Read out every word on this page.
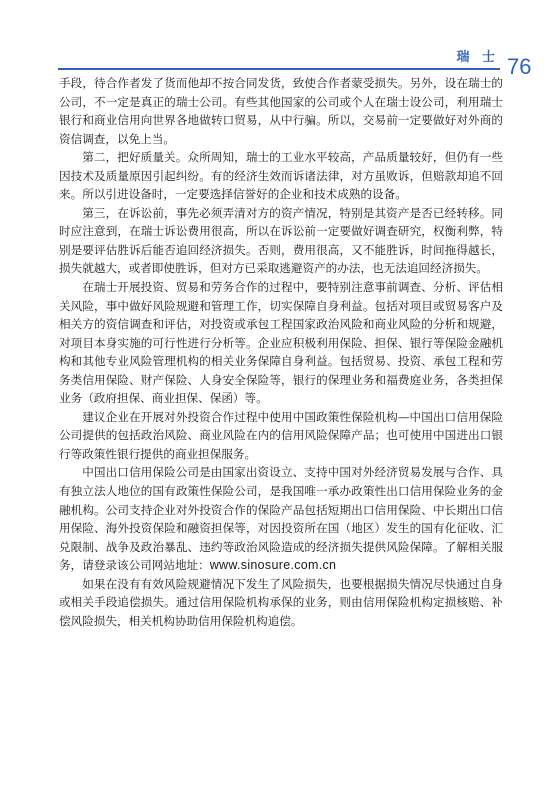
瑞 士 76

手段，待合作者发了货而他却不按合同发货，致使合作者蒙受损失。另外，设在瑞士的公司，不一定是真正的瑞士公司。有些其他国家的公司或个人在瑞士设公司，利用瑞士银行和商业信用向世界各地做转口贸易，从中行骗。所以，交易前一定要做好对外商的资信调查，以免上当。

第二，把好质量关。众所周知，瑞士的工业水平较高，产品质量较好，但仍有一些因技术及质量原因引起纠纷。有的经济生效而诉诸法律，对方虽败诉，但赔款却追不回来。所以引进设备时，一定要选择信誉好的企业和技术成熟的设备。

第三，在诉讼前，事先必须弄清对方的资产情况，特别是其资产是否已经转移。同时应注意到，在瑞士诉讼费用很高，所以在诉讼前一定要做好调查研究，权衡利弊，特别是要评估胜诉后能否追回经济损失。否则，费用很高，又不能胜诉，时间拖得越长，损失就越大，或者即使胜诉，但对方已采取逃避资产的办法，也无法追回经济损失。

在瑞士开展投资、贸易和劳务合作的过程中，要特别注意事前调查、分析、评估相关风险，事中做好风险规避和管理工作，切实保障自身利益。包括对项目或贸易客户及相关方的资信调查和评估，对投资或承包工程国家政治风险和商业风险的分析和规避，对项目本身实施的可行性进行分析等。企业应积极利用保险、担保、银行等保险金融机构和其他专业风险管理机构的相关业务保障自身利益。包括贸易、投资、承包工程和劳务类信用保险、财产保险、人身安全保险等，银行的保理业务和福费庭业务，各类担保业务（政府担保、商业担保、保函）等。

建议企业在开展对外投资合作过程中使用中国政策性保险机构—中国出口信用保险公司提供的包括政治风险、商业风险在内的信用风险保障产品；也可使用中国进出口银行等政策性银行提供的商业担保服务。

中国出口信用保险公司是由国家出资设立、支持中国对外经济贸易发展与合作、具有独立法人地位的国有政策性保险公司，是我国唯一承办政策性出口信用保险业务的金融机构。公司支持企业对外投资合作的保险产品包括短期出口信用保险、中长期出口信用保险、海外投资保险和融资担保等，对因投资所在国（地区）发生的国有化征收、汇兑限制、战争及政治暴乱、违约等政治风险造成的经济损失提供风险保障。了解相关服务，请登录该公司网站地址：www.sinosure.com.cn

如果在没有有效风险规避情况下发生了风险损失，也要根据损失情况尽快通过自身或相关手段追偿损失。通过信用保险机构承保的业务，则由信用保险机构定损核赔、补偿风险损失，相关机构协助信用保险机构追偿。
